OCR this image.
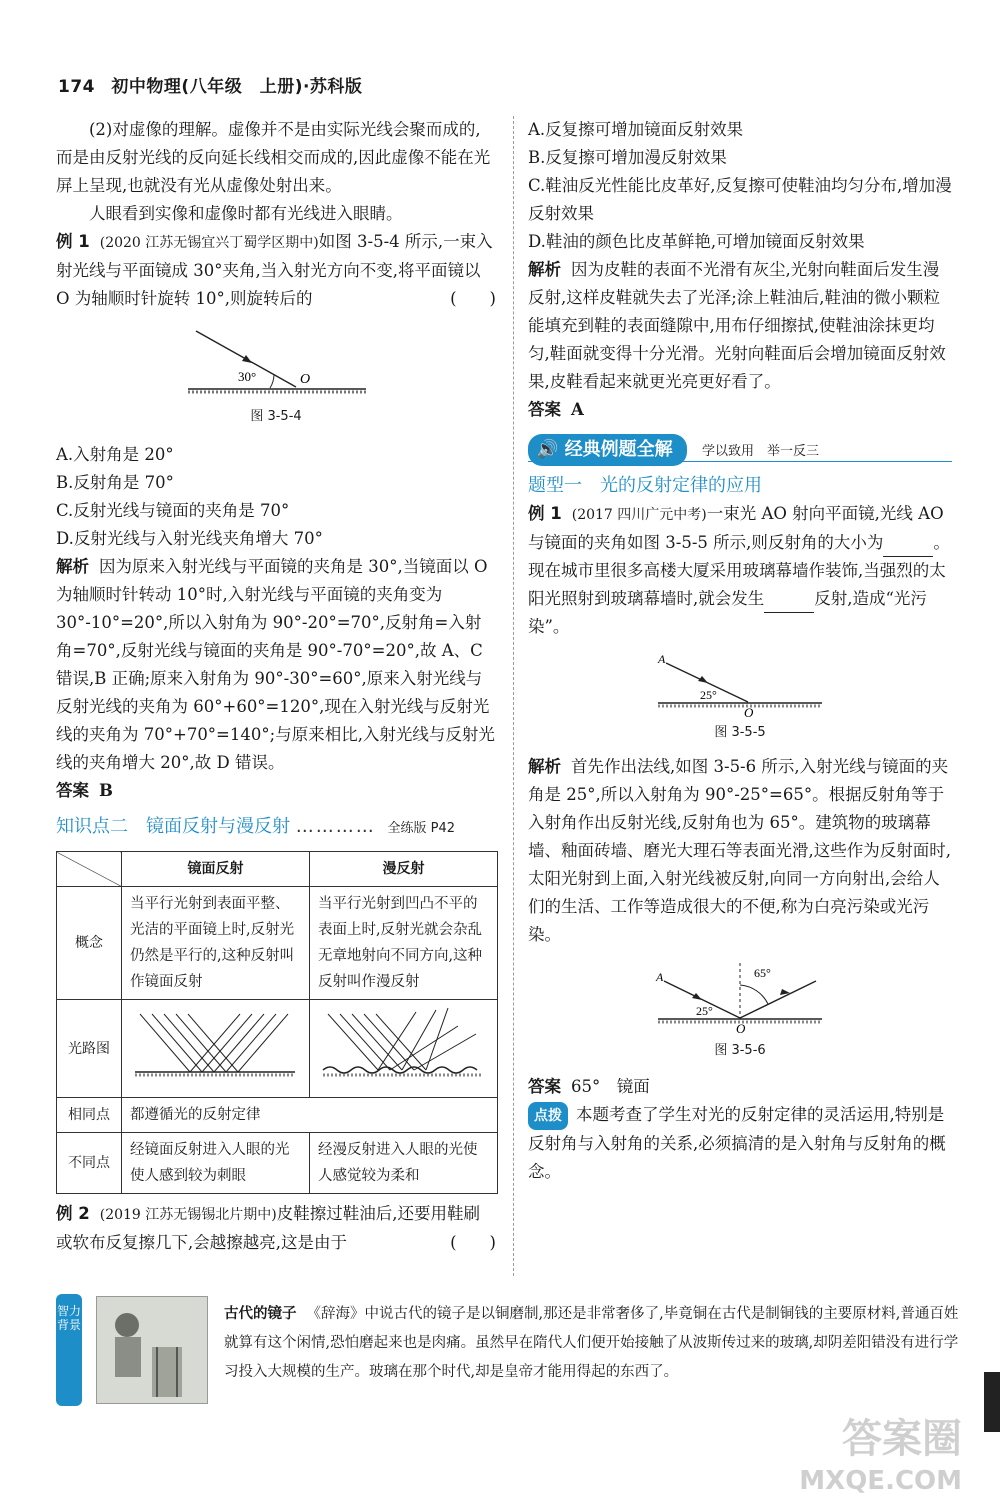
174 初中物理(八年级　上册)·苏科版

(2)对虚像的理解。虚像并不是由实际光线会聚而成的,而是由反射光线的反向延长线相交而成的,因此虚像不能在光屏上呈现,也就没有光从虚像处射出来。

人眼看到实像和虚像时都有光线进入眼睛。

例 1 (2020 江苏无锡宜兴丁蜀学区期中)如图 3-5-4 所示,一束入射光线与平面镜成 30°夹角,当入射光方向不变,将平面镜以 O 为轴顺时针旋转 10°,则旋转后的	(　　)

30°	O
图 3-5-4

A.入射角是 20°

B.反射角是 70°

C.反射光线与镜面的夹角是 70°

D.反射光线与入射光线夹角增大 70°

解析 因为原来入射光线与平面镜的夹角是 30°,当镜面以 O 为轴顺时针转动 10°时,入射光线与平面镜的夹角变为 30°-10°=20°,所以入射角为 90°-20°=70°,反射角=入射角=70°,反射光线与镜面的夹角是 90°-70°=20°,故 A、C 错误,B 正确;原来入射角为 90°-30°=60°,原来入射光线与反射光线的夹角为 60°+60°=120°,现在入射光线与反射光线的夹角为 70°+70°=140°;与原来相比,入射光线与反射光线的夹角增大 20°,故 D 错误。

答案 B

知识点二　镜面反射与漫反射 ………… 全练版 P42
	镜面反射	漫反射
概念	当平行光射到表面平整、光洁的平面镜上时,反射光仍然是平行的,这种反射叫作镜面反射	当平行光射到凹凸不平的表面上时,反射光就会杂乱无章地射向不同方向,这种反射叫作漫反射
光路图		
相同点	都遵循光的反射定律	
不同点	经镜面反射进入人眼的光使人感到较为刺眼	经漫反射进入人眼的光使人感觉较为柔和

例 2 (2019 江苏无锡锡北片期中)皮鞋擦过鞋油后,还要用鞋刷或软布反复擦几下,会越擦越亮,这是由于	(　　)

A.反复擦可增加镜面反射效果

B.反复擦可增加漫反射效果

C.鞋油反光性能比皮革好,反复擦可使鞋油均匀分布,增加漫反射效果

D.鞋油的颜色比皮革鲜艳,可增加镜面反射效果

解析 因为皮鞋的表面不光滑有灰尘,光射向鞋面后发生漫反射,这样皮鞋就失去了光泽;涂上鞋油后,鞋油的微小颗粒能填充到鞋的表面缝隙中,用布仔细擦拭,使鞋油涂抹更均匀,鞋面就变得十分光滑。光射向鞋面后会增加镜面反射效果,皮鞋看起来就更光亮更好看了。

答案 A

🔊 经典例题全解 学以致用　举一反三
题型一　光的反射定律的应用

例 1 (2017 四川广元中考)一束光 AO 射向平面镜,光线 AO 与镜面的夹角如图 3-5-5 所示,则反射角的大小为	。现在城市里很多高楼大厦采用玻璃幕墙作装饰,当强烈的太阳光照射到玻璃幕墙时,就会发生	反射,造成“光污染”。

A
25°
O
图 3-5-5

解析 首先作出法线,如图 3-5-6 所示,入射光线与镜面的夹角是 25°,所以入射角为 90°-25°=65°。根据反射角等于入射角作出反射光线,反射角也为 65°。建筑物的玻璃幕墙、釉面砖墙、磨光大理石等表面光滑,这些作为反射面时,太阳光射到上面,入射光线被反射,向同一方向射出,会给人们的生活、工作等造成很大的不便,称为白亮污染或光污染。

A
25°
65°
O
图 3-5-6

答案 65°　镜面

点拨 本题考查了学生对光的反射定律的灵活运用,特别是反射角与入射角的关系,必须搞清的是入射角与反射角的概念。

智力背景
古代的镜子 《辞海》中说古代的镜子是以铜磨制,那还是非常奢侈了,毕竟铜在古代是制铜钱的主要原材料,普通百姓就算有这个闲情,恐怕磨起来也是肉痛。虽然早在隋代人们便开始接触了从波斯传过来的玻璃,却阴差阳错没有进行学习投入大规模的生产。玻璃在那个时代,却是皇帝才能用得起的东西了。
答案圈
MXQE.COM
